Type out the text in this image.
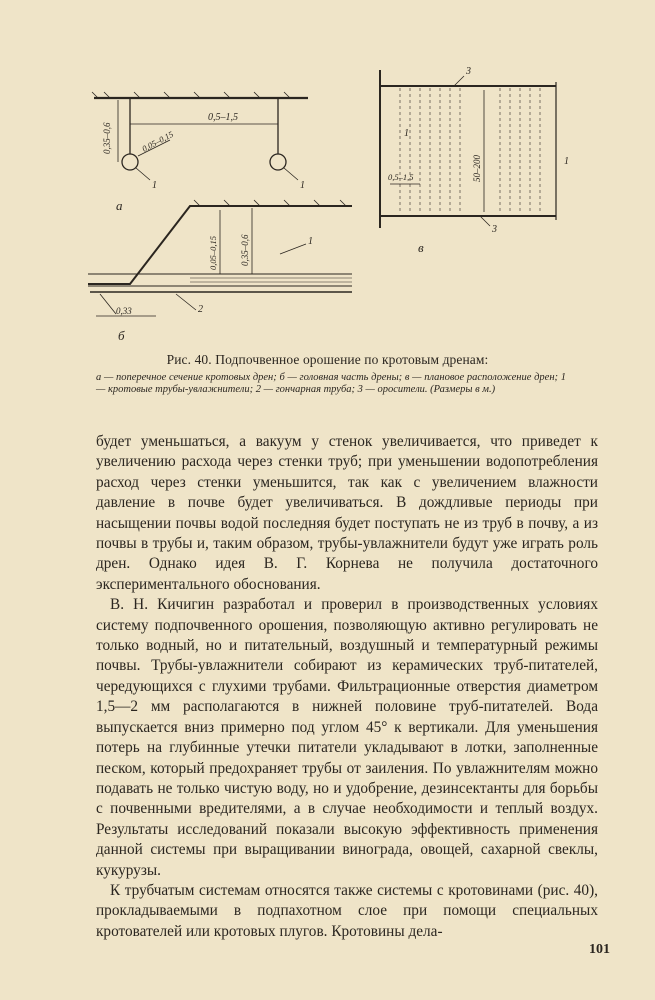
0,5–1,5
0,35–0,6	0,05–0,15
1	1
а
0,05–0,15 0,35–0,6	1
2
0,33
б
3
3
1
1
0,5–1,5	50–200
в
Рис. 40. Подпочвенное орошение по кротовым дренам:
а — поперечное сечение кротовых дрен; б — головная часть дрены; в — плановое расположение дрен; 1 — кротовые трубы-увлажнители; 2 — гончарная труба; 3 — оросители. (Размеры в м.)

будет уменьшаться, а вакуум у стенок увеличивается, что приведет к увеличению расхода через стенки труб; при уменьшении водопотребления расход через стенки уменьшится, так как с увеличением влажности давление в почве будет увеличиваться. В дождливые периоды при насыщении почвы водой последняя будет поступать не из труб в почву, а из почвы в трубы и, таким образом, трубы-увлажнители будут уже играть роль дрен. Однако идея В. Г. Корнева не получила достаточного экспериментального обоснования.

В. Н. Кичигин разработал и проверил в производственных условиях систему подпочвенного орошения, позволяющую активно регулировать не только водный, но и питательный, воздушный и температурный режимы почвы. Трубы-увлажнители собирают из керамических труб-питателей, чередующихся с глухими трубами. Фильтрационные отверстия диаметром 1,5—2 мм располагаются в нижней половине труб-питателей. Вода выпускается вниз примерно под углом 45° к вертикали. Для уменьшения потерь на глубинные утечки питатели укладывают в лотки, заполненные песком, который предохраняет трубы от заиления. По увлажнителям можно подавать не только чистую воду, но и удобрение, дезинсектанты для борьбы с почвенными вредителями, а в случае необходимости и теплый воздух. Результаты исследований показали высокую эффективность применения данной системы при выращивании винограда, овощей, сахарной свеклы, кукурузы.

К трубчатым системам относятся также системы с кротовинами (рис. 40), прокладываемыми в подпахотном слое при помощи специальных кротователей или кротовых плугов. Кротовины дела-

101
